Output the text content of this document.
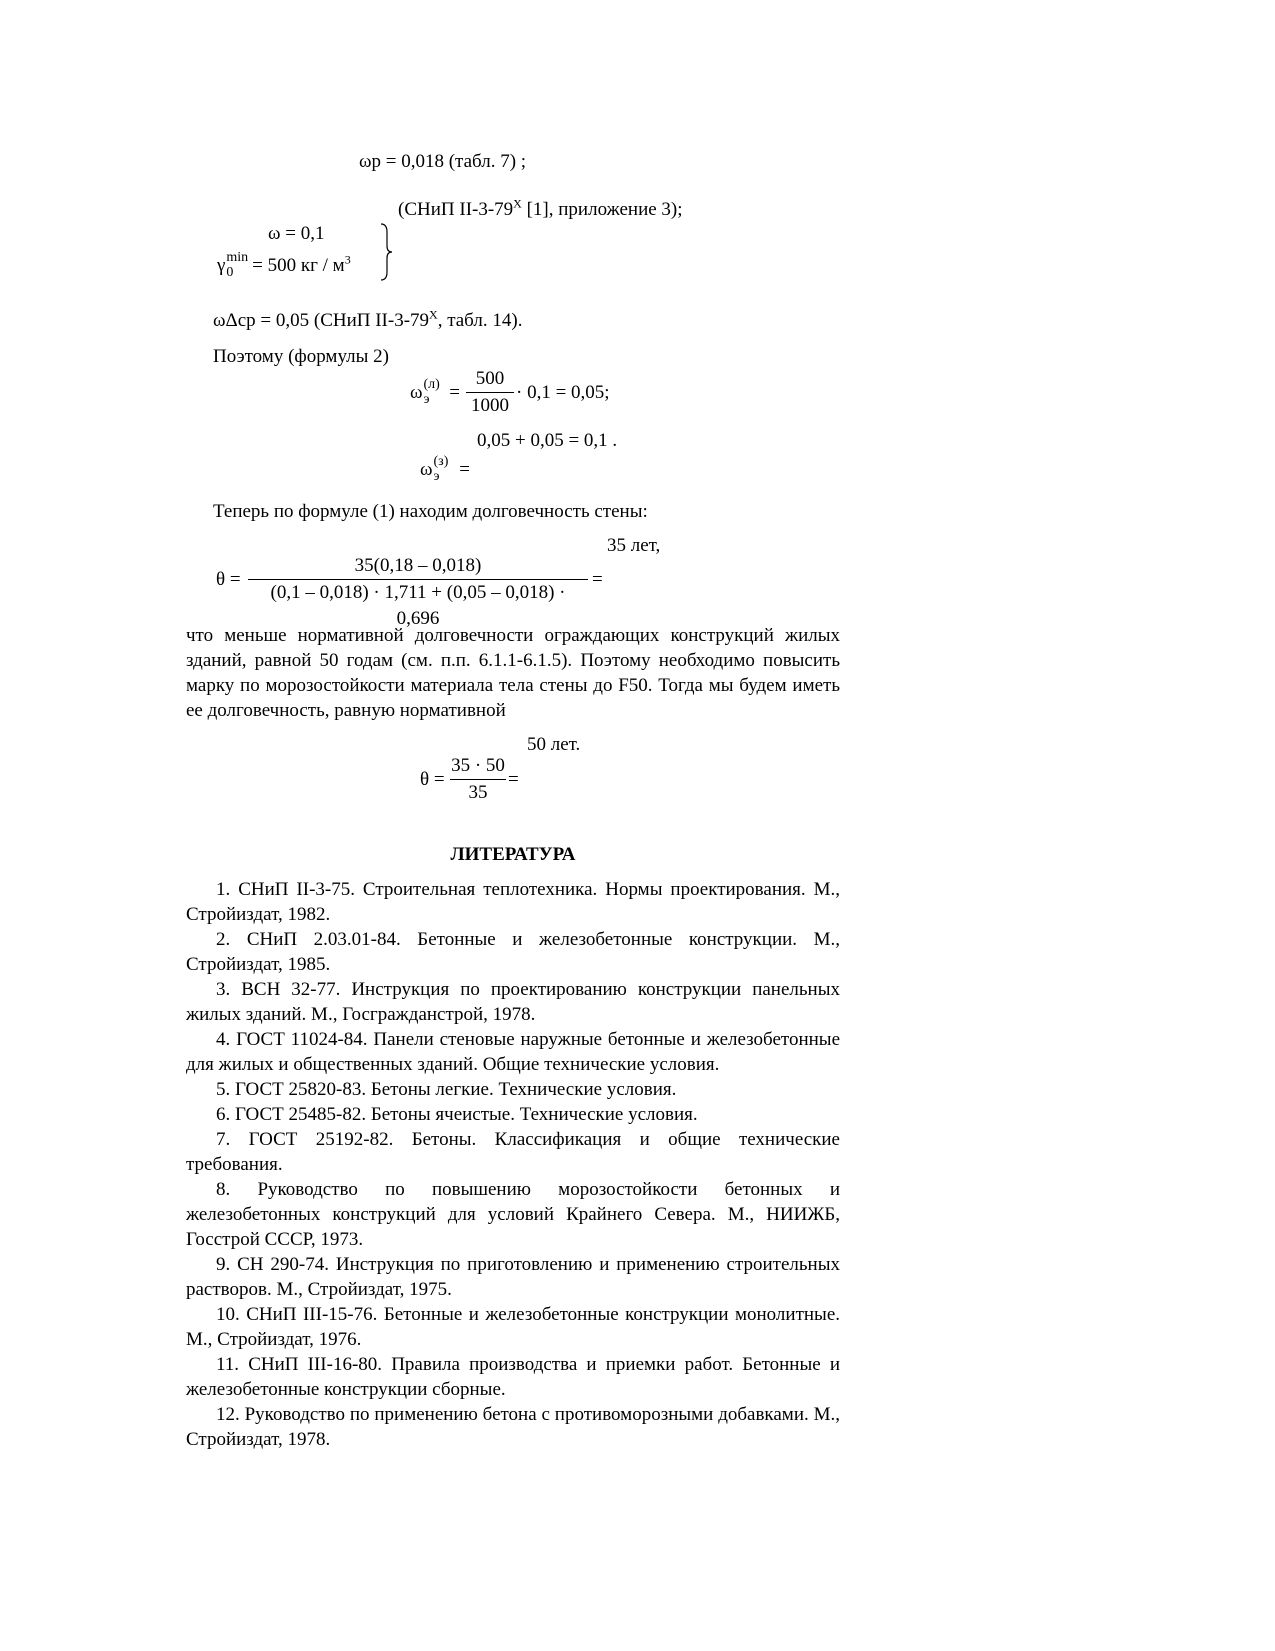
ωр = 0,018 (табл. 7) ;
(СНиП $II-3-79^X$ [1], приложение 3);
ω = 0,1
γ min
0 = 500 кг / $м^3$
ωΔср = 0,05 (СНиП $II-3-79^X$, табл. 14).
Поэтому (формулы 2)
ω (л)
э =
500
1000
· 0,1 = 0,05;
0,05 + 0,05 = 0,1 .
ω (з)
э =
Теперь по формуле (1) находим долговечность стены:
35 лет,
θ =
35(0,18 – 0,018)
(0,1 – 0,018) · 1,711 + (0,05 – 0,018) · 0,696
=
что меньше нормативной долговечности ограждающих конструкций жилых зданий, равной 50 годам (см. п.п. 6.1.1-6.1.5). Поэтому необходимо повысить марку по морозостойкости материала тела стены до F50. Тогда мы будем иметь ее долговечность, равную нормативной
50 лет.
θ =
35 · 50
35
=
ЛИТЕРАТУРА
1. СНиП II-3-75. Строительная теплотехника. Нормы проектирования. М., Стройиздат, 1982.
2. СНиП 2.03.01-84. Бетонные и железобетонные конструкции. М., Стройиздат, 1985.
3. ВСН 32-77. Инструкция по проектированию конструкции панельных жилых зданий. М., Госгражданстрой, 1978.
4. ГОСТ 11024-84. Панели стеновые наружные бетонные и железобетонные для жилых и общественных зданий. Общие технические условия.
5. ГОСТ 25820-83. Бетоны легкие. Технические условия.
6. ГОСТ 25485-82. Бетоны ячеистые. Технические условия.
7. ГОСТ 25192-82. Бетоны. Классификация и общие технические требования.
8. Руководство по повышению морозостойкости бетонных и железобетонных конструкций для условий Крайнего Севера. М., НИИЖБ, Госстрой СССР, 1973.
9. СН 290-74. Инструкция по приготовлению и применению строительных растворов. М., Стройиздат, 1975.
10. СНиП III-15-76. Бетонные и железобетонные конструкции монолитные. М., Стройиздат, 1976.
11. СНиП III-16-80. Правила производства и приемки работ. Бетонные и железобетонные конструкции сборные.
12. Руководство по применению бетона с противоморозными добавками. М., Стройиздат, 1978.
